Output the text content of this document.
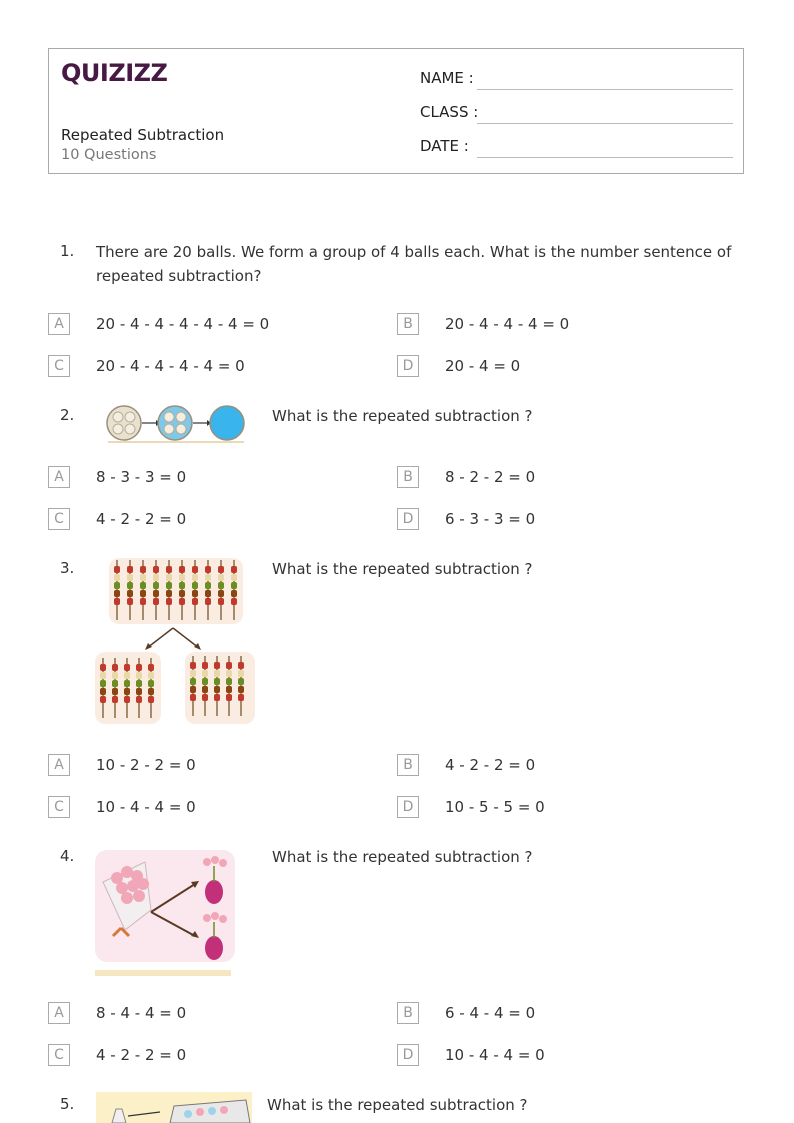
QUIZIZZ
Repeated Subtraction
10 Questions
NAME :
CLASS :
DATE :
1. There are 20 balls. We form a group of 4 balls each. What is the number sentence of repeated subtraction?
A	20 - 4 - 4 - 4 - 4 - 4 = 0	B	20 - 4 - 4 - 4 = 0
C	20 - 4 - 4 - 4 - 4 = 0	D	20 - 4 = 0
2.	What is the repeated subtraction ?
A	8 - 3 - 3 = 0	B	8 - 2 - 2 = 0
C	4 - 2 - 2 = 0	D	6 - 3 - 3 = 0
3.	What is the repeated subtraction ?
A	10 - 2 - 2 = 0	B	4 - 2 - 2 = 0
C	10 - 4 - 4 = 0	D	10 - 5 - 5 = 0
4.	What is the repeated subtraction ?
A	8 - 4 - 4 = 0	B	6 - 4 - 4 = 0
C	4 - 2 - 2 = 0	D	10 - 4 - 4 = 0
5.	What is the repeated subtraction ?
